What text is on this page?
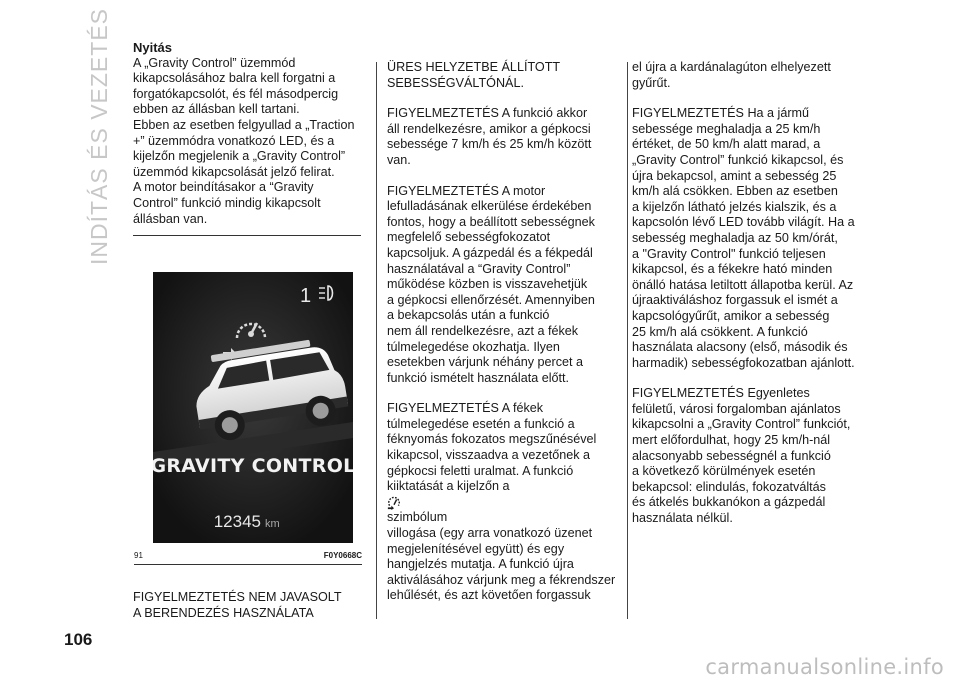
INDÍTÁS ÉS VEZETÉS Nyitás

A „Gravity Control” üzemmód
kikapcsolásához balra kell forgatni a
forgatókapcsolót, és fél másodpercig
ebben az állásban kell tartani.

Ebben az esetben felgyullad a „Traction
+” üzemmódra vonatkozó LED, és a
kijelzőn megjelenik a „Gravity Control”
üzemmód kikapcsolását jelző felirat.

A motor beindításakor a “Gravity
Control” funkció mindig kikapcsolt
állásban van.

1
GRAVITY CONTROL
12345 km
91	F0Y0668C

FIGYELMEZTETÉS NEM JAVASOLT
A BERENDEZÉS HASZNÁLATA

ÜRES HELYZETBE ÁLLÍTOTT
SEBESSÉGVÁLTÓNÁL.

FIGYELMEZTETÉS A funkció akkor
áll rendelkezésre, amikor a gépkocsi
sebessége 7 km/h és 25 km/h között
van.

FIGYELMEZTETÉS A motor
lefulladásának elkerülése érdekében
fontos, hogy a beállított sebességnek
megfelelő sebességfokozatot
kapcsoljuk. A gázpedál és a fékpedál
használatával a “Gravity Control”
működése közben is visszavehetjük
a gépkocsi ellenőrzését. Amennyiben
a bekapcsolás után a funkció
nem áll rendelkezésre, azt a fékek
túlmelegedése okozhatja. Ilyen
esetekben várjunk néhány percet a
funkció ismételt használata előtt.

FIGYELMEZTETÉS A fékek
túlmelegedése esetén a funkció a
féknyomás fokozatos megszűnésével
kikapcsol, visszaadva a vezetőnek a
gépkocsi feletti uralmat. A funkció
kiiktatását a kijelzőn a

szimbólum
villogása (egy arra vonatkozó üzenet
megjelenítésével együtt) és egy
hangjelzés mutatja. A funkció újra
aktiválásához várjunk meg a fékrendszer
lehűlését, és azt követően forgassuk

el újra a kardánalagúton elhelyezett
gyűrűt.

FIGYELMEZTETÉS Ha a jármű
sebessége meghaladja a 25 km/h
értéket, de 50 km/h alatt marad, a
„Gravity Control” funkció kikapcsol, és
újra bekapcsol, amint a sebesség 25
km/h alá csökken. Ebben az esetben
a kijelzőn látható jelzés kialszik, és a
kapcsolón lévő LED tovább világít. Ha a
sebesség meghaladja az 50 km/órát,
a "Gravity Control" funkció teljesen
kikapcsol, és a fékekre ható minden
önálló hatása letiltott állapotba kerül. Az
újraaktiváláshoz forgassuk el ismét a
kapcsológyűrűt, amikor a sebesség
25 km/h alá csökkent. A funkció
használata alacsony (első, második és
harmadik) sebességfokozatban ajánlott.

FIGYELMEZTETÉS Egyenletes
felületű, városi forgalomban ajánlatos
kikapcsolni a „Gravity Control” funkciót,
mert előfordulhat, hogy 25 km/h-nál
alacsonyabb sebességnél a funkció
a következő körülmények esetén
bekapcsol: elindulás, fokozatváltás
és átkelés bukkanókon a gázpedál
használata nélkül.

106
carmanualsonline.info
